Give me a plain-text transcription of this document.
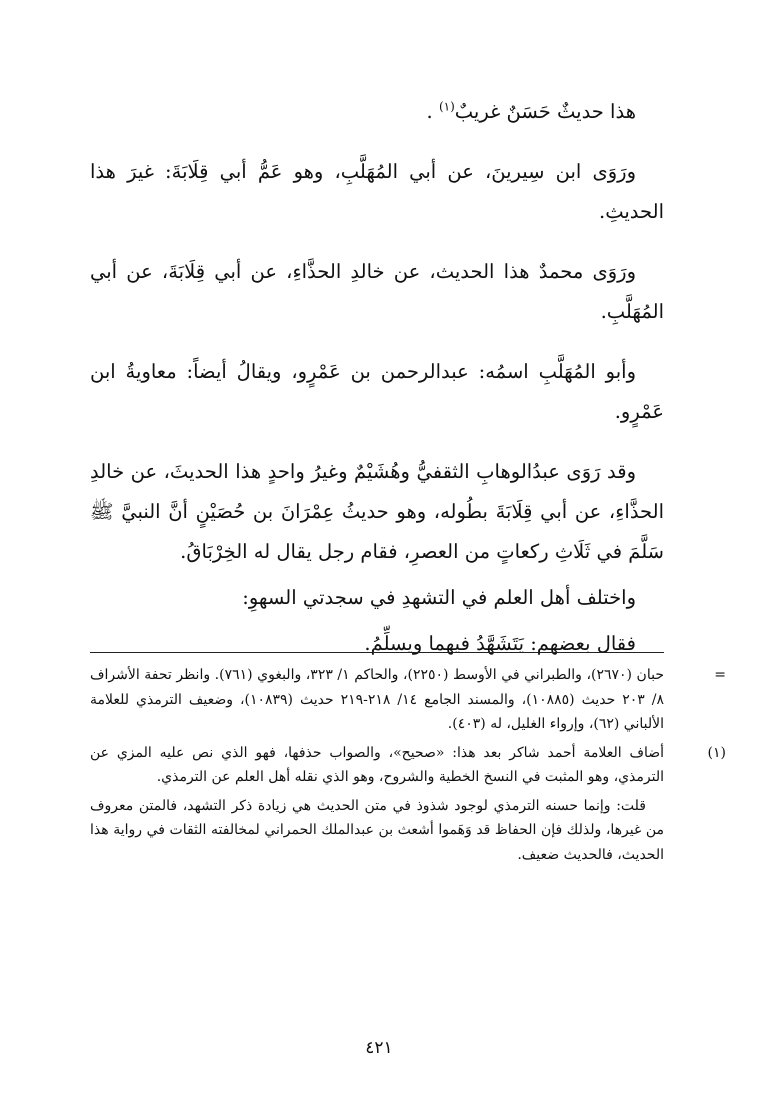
هذا حديثٌ حَسَنٌ غريبٌ$^{(١)}$ .

ورَوَى ابن سِيرينَ، عن أبي المُهَلَّبِ، وهو عَمُّ أبي قِلَابَةَ: غيرَ هذا الحديثِ.

ورَوَى محمدٌ هذا الحديث، عن خالدِ الحذَّاءِ، عن أبي قِلَابَةَ، عن أبي المُهَلَّبِ.

وأبو المُهَلَّبِ اسمُه: عبدالرحمن بن عَمْرٍو، ويقالُ أيضاً: معاويةُ ابن عَمْرٍو.

وقد رَوَى عبدُالوهابِ الثقفيُّ وهُشَيْمٌ وغيرُ واحدٍ هذا الحديثَ، عن خالدِ الحذَّاءِ، عن أبي قِلَابَةَ بطُوله، وهو حديثُ عِمْرَانَ بن حُصَيْنٍ أنَّ النبيَّ ﷺ سَلَّمَ في ثَلَاثِ ركعاتٍ من العصرِ، فقام رجل يقال له الخِرْبَاقُ.

واختلف أهل العلم في التشهدِ في سجدتي السهوِ:

فقال بعضهم: يَتَشَهَّدُ فيهما ويسلِّمُ.

=
حبان (٢٦٧٠)، والطبراني في الأوسط (٢٢٥٠)، والحاكم ١/ ٣٢٣، والبغوي (٧٦١). وانظر تحفة الأشراف ٨/ ٢٠٣ حديث (١٠٨٨٥)، والمسند الجامع ١٤/ ٢١٨-٢١٩ حديث (١٠٨٣٩)، وضعيف الترمذي للعلامة الألباني (٦٢)، وإرواء الغليل، له (٤٠٣).
(١)
أضاف العلامة أحمد شاكر بعد هذا: «صحيح»، والصواب حذفها، فهو الذي نص عليه المزي عن الترمذي، وهو المثبت في النسخ الخطية والشروح، وهو الذي نقله أهل العلم عن الترمذي.
قلت: وإنما حسنه الترمذي لوجود شذوذ في متن الحديث هي زيادة ذكر التشهد، فالمتن معروف من غيرها، ولذلك فإن الحفاظ قد وَهَموا أشعث بن عبدالملك الحمراني لمخالفته الثقات في رواية هذا الحديث، فالحديث ضعيف.
٤٢١
